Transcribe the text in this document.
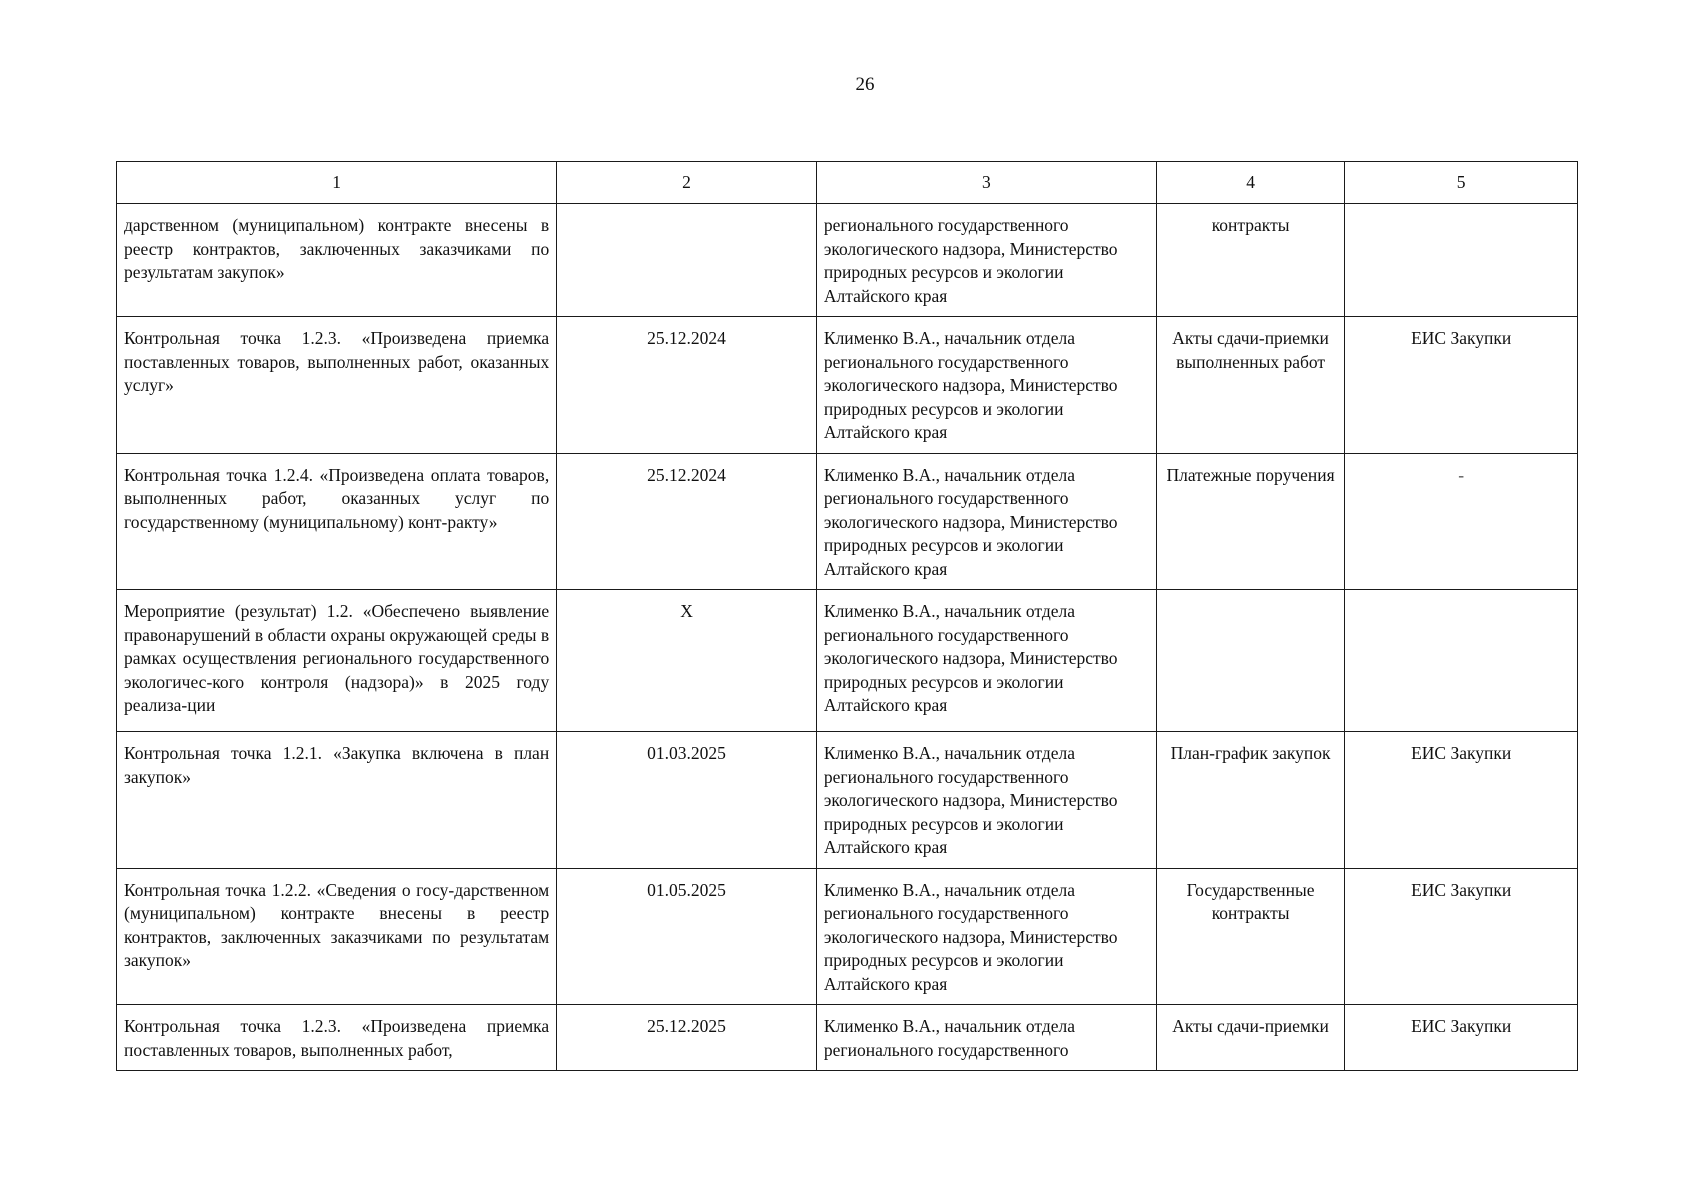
26
1	2	3	4	5
дарственном (муниципальном) контракте внесены в реестр контрактов, заключенных заказчиками по результатам закупок»		регионального государственного экологического надзора, Министерство природных ресурсов и экологии Алтайского края	контракты	
Контрольная точка 1.2.3. «Произведена приемка поставленных товаров, выполненных работ, оказанных услуг»	25.12.2024	Клименко В.А., начальник отдела регионального государственного экологического надзора, Министерство природных ресурсов и экологии Алтайского края	Акты сдачи-приемки выполненных работ	ЕИС Закупки
Контрольная точка 1.2.4. «Произведена оплата товаров, выполненных работ, оказанных услуг по государственному (муниципальному) конт-ракту»	25.12.2024	Клименко В.А., начальник отдела регионального государственного экологического надзора, Министерство природных ресурсов и экологии Алтайского края	Платежные поручения	-
Мероприятие (результат) 1.2. «Обеспечено выявление правонарушений в области охраны окружающей среды в рамках осуществления регионального государственного экологичес-кого контроля (надзора)» в 2025 году реализа-ции	X	Клименко В.А., начальник отдела регионального государственного экологического надзора, Министерство природных ресурсов и экологии Алтайского края		
Контрольная точка 1.2.1. «Закупка включена в план закупок»	01.03.2025	Клименко В.А., начальник отдела регионального государственного экологического надзора, Министерство природных ресурсов и экологии Алтайского края	План-график закупок	ЕИС Закупки
Контрольная точка 1.2.2. «Сведения о госу-дарственном (муниципальном) контракте внесены в реестр контрактов, заключенных заказчиками по результатам закупок»	01.05.2025	Клименко В.А., начальник отдела регионального государственного экологического надзора, Министерство природных ресурсов и экологии Алтайского края	Государственные контракты	ЕИС Закупки
Контрольная точка 1.2.3. «Произведена приемка поставленных товаров, выполненных работ,	25.12.2025	Клименко В.А., начальник отдела регионального государственного	Акты сдачи-приемки	ЕИС Закупки
